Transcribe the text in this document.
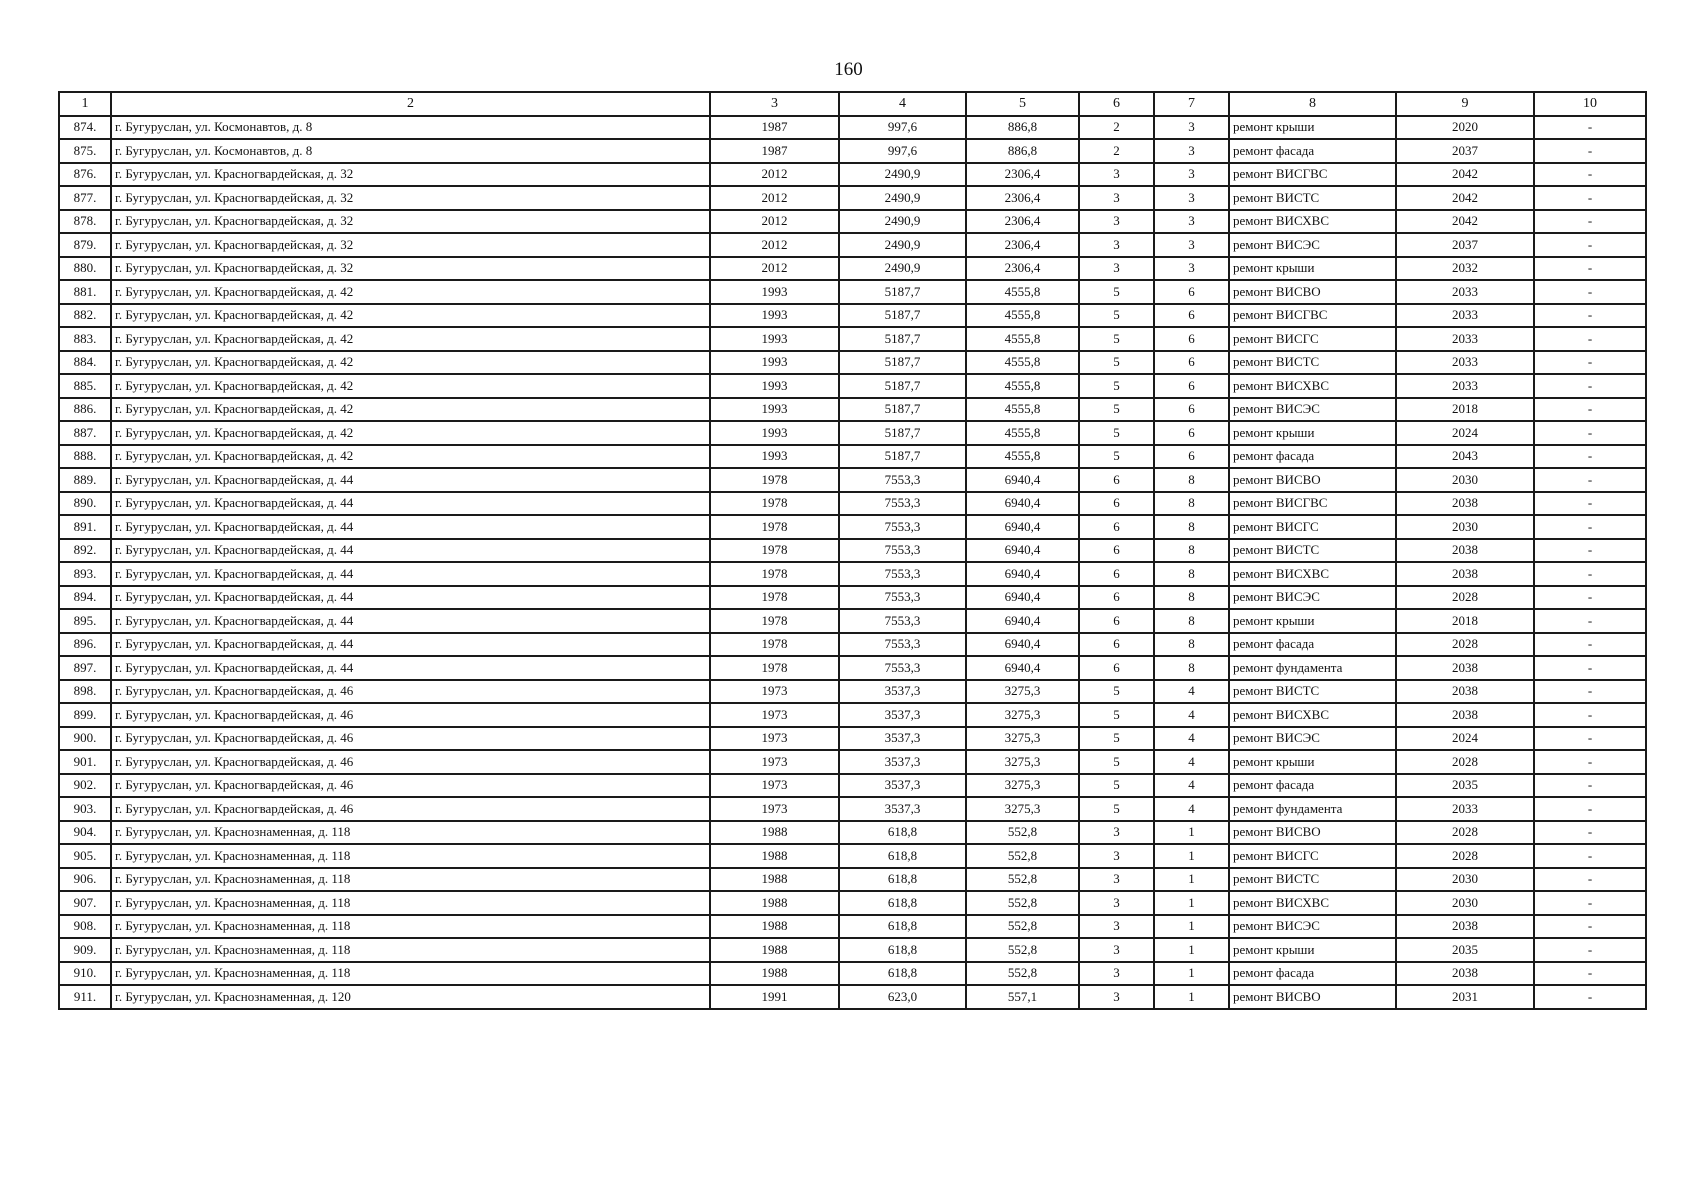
160
1	2	3	4	5	6	7	8	9	10
874.	г. Бугуруслан, ул. Космонавтов, д. 8	1987	997,6	886,8	2	3	ремонт крыши	2020	-
875.	г. Бугуруслан, ул. Космонавтов, д. 8	1987	997,6	886,8	2	3	ремонт фасада	2037	-
876.	г. Бугуруслан, ул. Красногвардейская, д. 32	2012	2490,9	2306,4	3	3	ремонт ВИСГВС	2042	-
877.	г. Бугуруслан, ул. Красногвардейская, д. 32	2012	2490,9	2306,4	3	3	ремонт ВИСТС	2042	-
878.	г. Бугуруслан, ул. Красногвардейская, д. 32	2012	2490,9	2306,4	3	3	ремонт ВИСХВС	2042	-
879.	г. Бугуруслан, ул. Красногвардейская, д. 32	2012	2490,9	2306,4	3	3	ремонт ВИСЭС	2037	-
880.	г. Бугуруслан, ул. Красногвардейская, д. 32	2012	2490,9	2306,4	3	3	ремонт крыши	2032	-
881.	г. Бугуруслан, ул. Красногвардейская, д. 42	1993	5187,7	4555,8	5	6	ремонт ВИСВО	2033	-
882.	г. Бугуруслан, ул. Красногвардейская, д. 42	1993	5187,7	4555,8	5	6	ремонт ВИСГВС	2033	-
883.	г. Бугуруслан, ул. Красногвардейская, д. 42	1993	5187,7	4555,8	5	6	ремонт ВИСГС	2033	-
884.	г. Бугуруслан, ул. Красногвардейская, д. 42	1993	5187,7	4555,8	5	6	ремонт ВИСТС	2033	-
885.	г. Бугуруслан, ул. Красногвардейская, д. 42	1993	5187,7	4555,8	5	6	ремонт ВИСХВС	2033	-
886.	г. Бугуруслан, ул. Красногвардейская, д. 42	1993	5187,7	4555,8	5	6	ремонт ВИСЭС	2018	-
887.	г. Бугуруслан, ул. Красногвардейская, д. 42	1993	5187,7	4555,8	5	6	ремонт крыши	2024	-
888.	г. Бугуруслан, ул. Красногвардейская, д. 42	1993	5187,7	4555,8	5	6	ремонт фасада	2043	-
889.	г. Бугуруслан, ул. Красногвардейская, д. 44	1978	7553,3	6940,4	6	8	ремонт ВИСВО	2030	-
890.	г. Бугуруслан, ул. Красногвардейская, д. 44	1978	7553,3	6940,4	6	8	ремонт ВИСГВС	2038	-
891.	г. Бугуруслан, ул. Красногвардейская, д. 44	1978	7553,3	6940,4	6	8	ремонт ВИСГС	2030	-
892.	г. Бугуруслан, ул. Красногвардейская, д. 44	1978	7553,3	6940,4	6	8	ремонт ВИСТС	2038	-
893.	г. Бугуруслан, ул. Красногвардейская, д. 44	1978	7553,3	6940,4	6	8	ремонт ВИСХВС	2038	-
894.	г. Бугуруслан, ул. Красногвардейская, д. 44	1978	7553,3	6940,4	6	8	ремонт ВИСЭС	2028	-
895.	г. Бугуруслан, ул. Красногвардейская, д. 44	1978	7553,3	6940,4	6	8	ремонт крыши	2018	-
896.	г. Бугуруслан, ул. Красногвардейская, д. 44	1978	7553,3	6940,4	6	8	ремонт фасада	2028	-
897.	г. Бугуруслан, ул. Красногвардейская, д. 44	1978	7553,3	6940,4	6	8	ремонт фундамента	2038	-
898.	г. Бугуруслан, ул. Красногвардейская, д. 46	1973	3537,3	3275,3	5	4	ремонт ВИСТС	2038	-
899.	г. Бугуруслан, ул. Красногвардейская, д. 46	1973	3537,3	3275,3	5	4	ремонт ВИСХВС	2038	-
900.	г. Бугуруслан, ул. Красногвардейская, д. 46	1973	3537,3	3275,3	5	4	ремонт ВИСЭС	2024	-
901.	г. Бугуруслан, ул. Красногвардейская, д. 46	1973	3537,3	3275,3	5	4	ремонт крыши	2028	-
902.	г. Бугуруслан, ул. Красногвардейская, д. 46	1973	3537,3	3275,3	5	4	ремонт фасада	2035	-
903.	г. Бугуруслан, ул. Красногвардейская, д. 46	1973	3537,3	3275,3	5	4	ремонт фундамента	2033	-
904.	г. Бугуруслан, ул. Краснознаменная, д. 118	1988	618,8	552,8	3	1	ремонт ВИСВО	2028	-
905.	г. Бугуруслан, ул. Краснознаменная, д. 118	1988	618,8	552,8	3	1	ремонт ВИСГС	2028	-
906.	г. Бугуруслан, ул. Краснознаменная, д. 118	1988	618,8	552,8	3	1	ремонт ВИСТС	2030	-
907.	г. Бугуруслан, ул. Краснознаменная, д. 118	1988	618,8	552,8	3	1	ремонт ВИСХВС	2030	-
908.	г. Бугуруслан, ул. Краснознаменная, д. 118	1988	618,8	552,8	3	1	ремонт ВИСЭС	2038	-
909.	г. Бугуруслан, ул. Краснознаменная, д. 118	1988	618,8	552,8	3	1	ремонт крыши	2035	-
910.	г. Бугуруслан, ул. Краснознаменная, д. 118	1988	618,8	552,8	3	1	ремонт фасада	2038	-
911.	г. Бугуруслан, ул. Краснознаменная, д. 120	1991	623,0	557,1	3	1	ремонт ВИСВО	2031	-
